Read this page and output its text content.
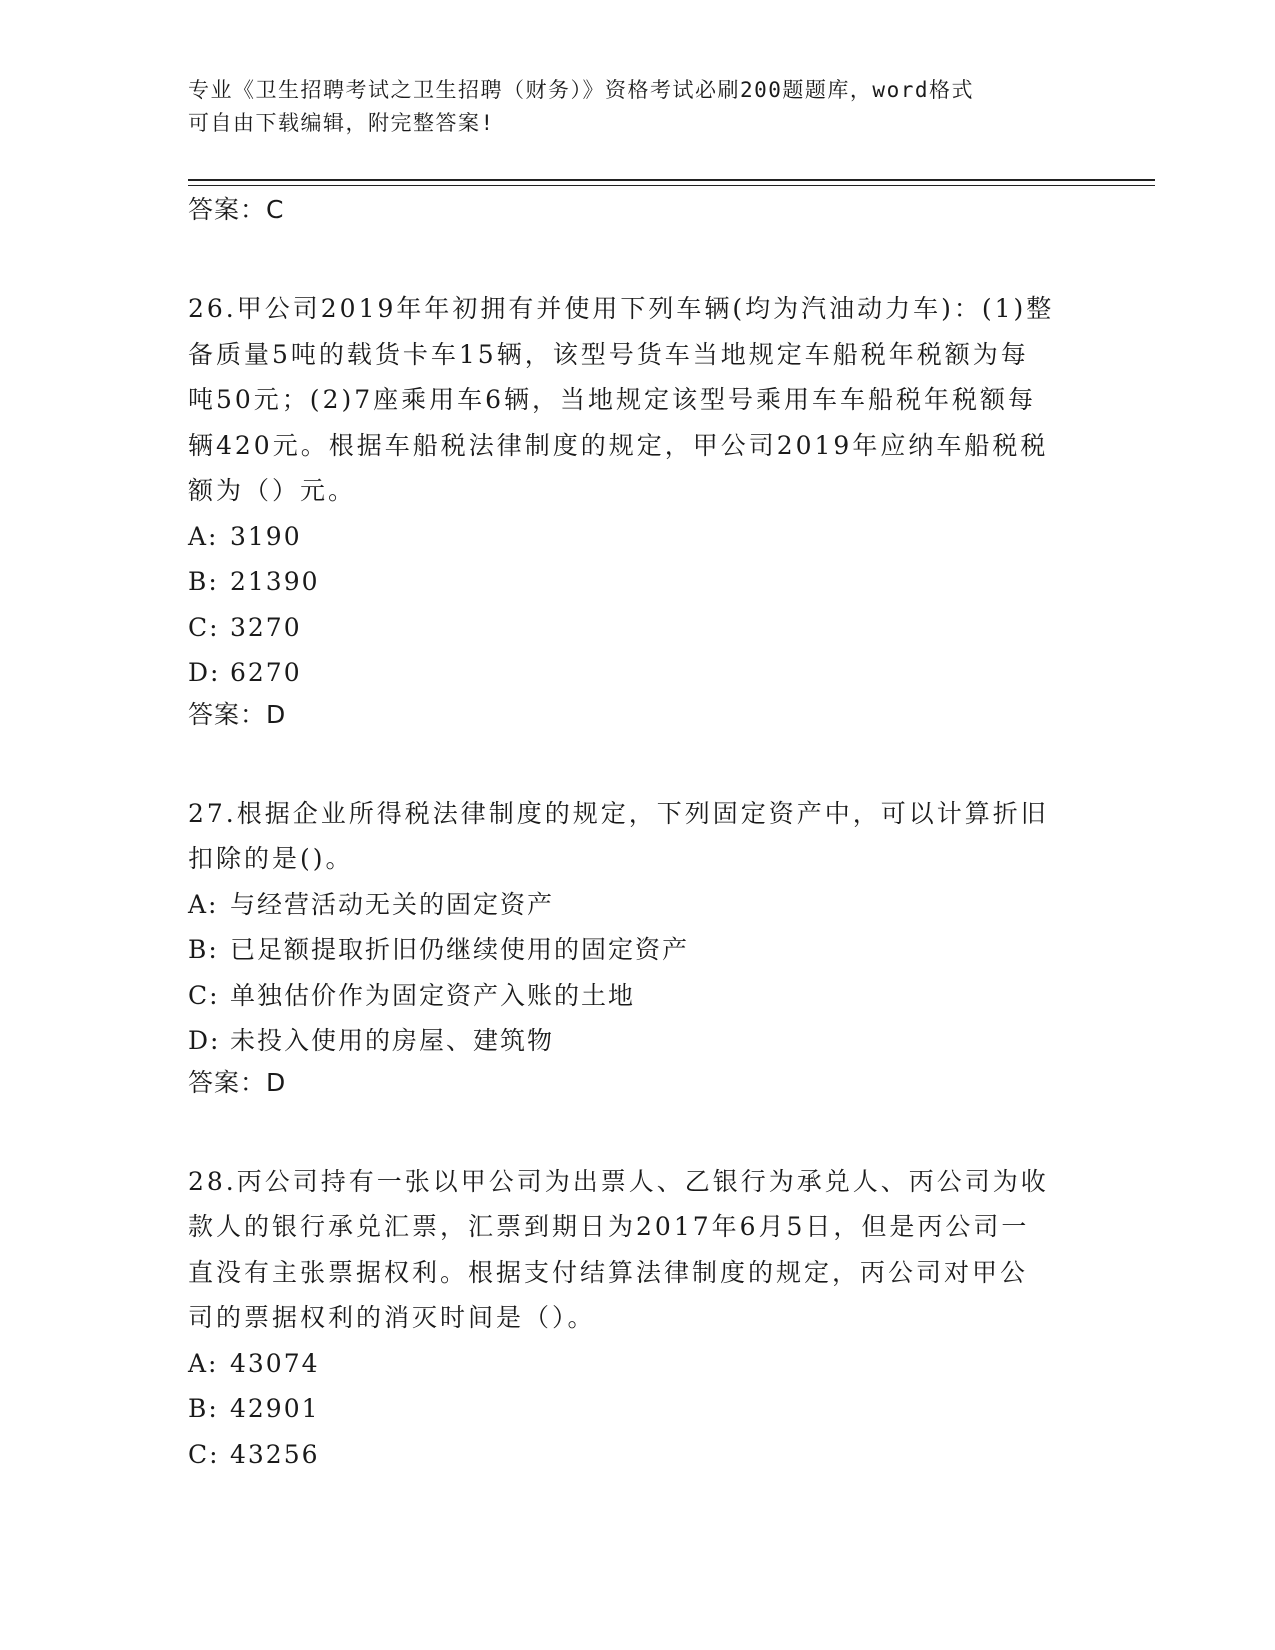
专业《卫生招聘考试之卫生招聘（财务）》资格考试必刷200题题库，word格式
可自由下载编辑，附完整答案!
答案：C
26.甲公司2019年年初拥有并使用下列车辆(均为汽油动力车)：(1)整
备质量5吨的载货卡车15辆，该型号货车当地规定车船税年税额为每
吨50元；(2)7座乘用车6辆，当地规定该型号乘用车车船税年税额每
辆420元。根据车船税法律制度的规定，甲公司2019年应纳车船税税
额为（）元。
A: 3190
B: 21390
C: 3270
D: 6270
答案：D
27.根据企业所得税法律制度的规定，下列固定资产中，可以计算折旧
扣除的是()。
A: 与经营活动无关的固定资产
B: 已足额提取折旧仍继续使用的固定资产
C: 单独估价作为固定资产入账的土地
D: 未投入使用的房屋、建筑物
答案：D
28.丙公司持有一张以甲公司为出票人、乙银行为承兑人、丙公司为收
款人的银行承兑汇票，汇票到期日为2017年6月5日，但是丙公司一
直没有主张票据权利。根据支付结算法律制度的规定，丙公司对甲公
司的票据权利的消灭时间是（）。
A: 43074
B: 42901
C: 43256
